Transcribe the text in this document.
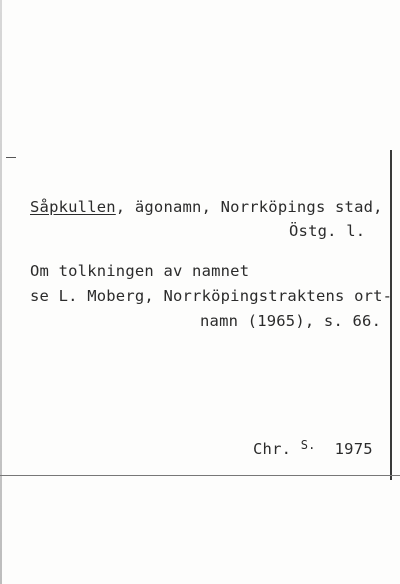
Såpkullen, ägonamn, Norrköpings stad,
Östg. l.
Om tolkningen av namnet
se L. Moberg, Norrköpingstraktens ort-
namn (1965), s. 66.
Chr. $^{S.}$ 1975
